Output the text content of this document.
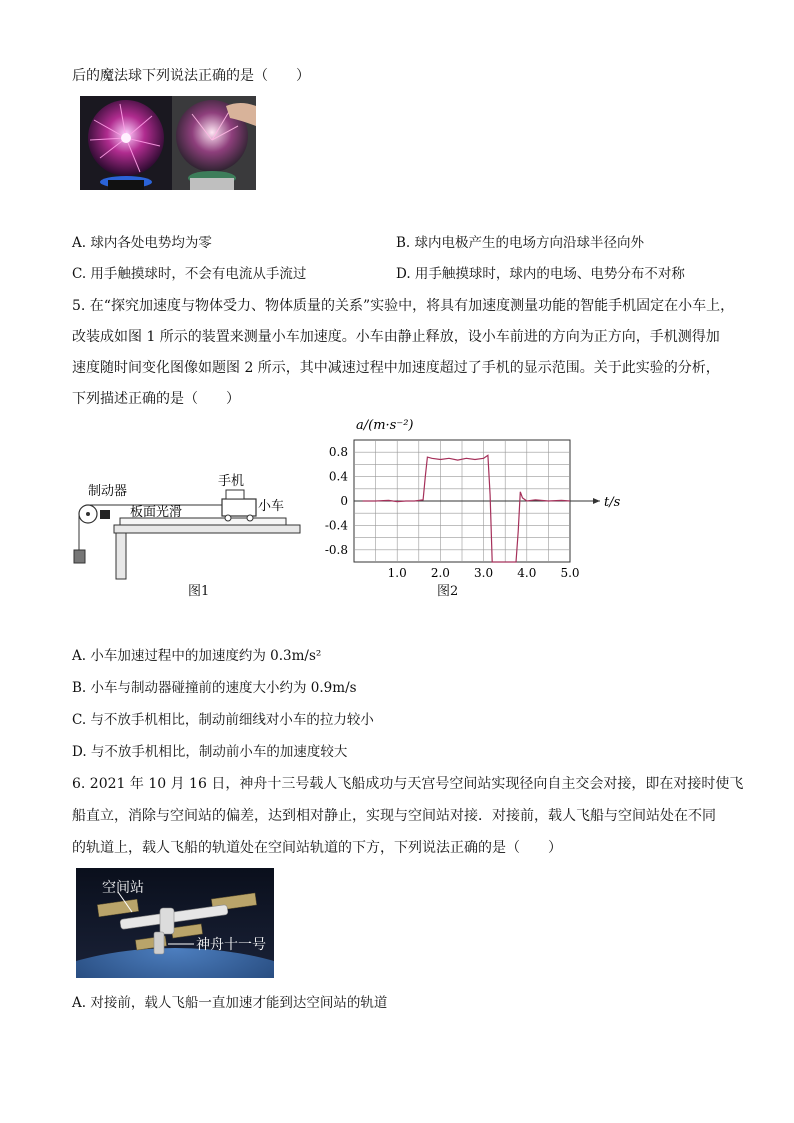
后的魔法球下列说法正确的是（　　）
A. 球内各处电势均为零	B. 球内电极产生的电场方向沿球半径向外
C. 用手触摸球时，不会有电流从手流过	D. 用手触摸球时，球内的电场、电势分布不对称
5. 在“探究加速度与物体受力、物体质量的关系”实验中，将具有加速度测量功能的智能手机固定在小车上，
改装成如图 1 所示的装置来测量小车加速度。小车由静止释放，设小车前进的方向为正方向，手机测得加
速度随时间变化图像如题图 2 所示，其中减速过程中加速度超过了手机的显示范围。关于此实验的分析，
下列描述正确的是（　　）
制动器
手机
板面光滑	小车
图1
a/(m·s⁻²)
0.8
0.4
0
-0.4
-0.8
1.0 2.0 3.0 4.0 5.0
t/s
图2
A. 小车加速过程中的加速度约为 0.3m/s²
B. 小车与制动器碰撞前的速度大小约为 0.9m/s
C. 与不放手机相比，制动前细线对小车的拉力较小
D. 与不放手机相比，制动前小车的加速度较大
6. 2021 年 10 月 16 日，神舟十三号载人飞船成功与天宫号空间站实现径向自主交会对接，即在对接时使飞
船直立，消除与空间站的偏差，达到相对静止，实现与空间站对接．对接前，载人飞船与空间站处在不同
的轨道上，载人飞船的轨道处在空间站轨道的下方，下列说法正确的是（　　）
空间站
神舟十一号
A. 对接前，载人飞船一直加速才能到达空间站的轨道
